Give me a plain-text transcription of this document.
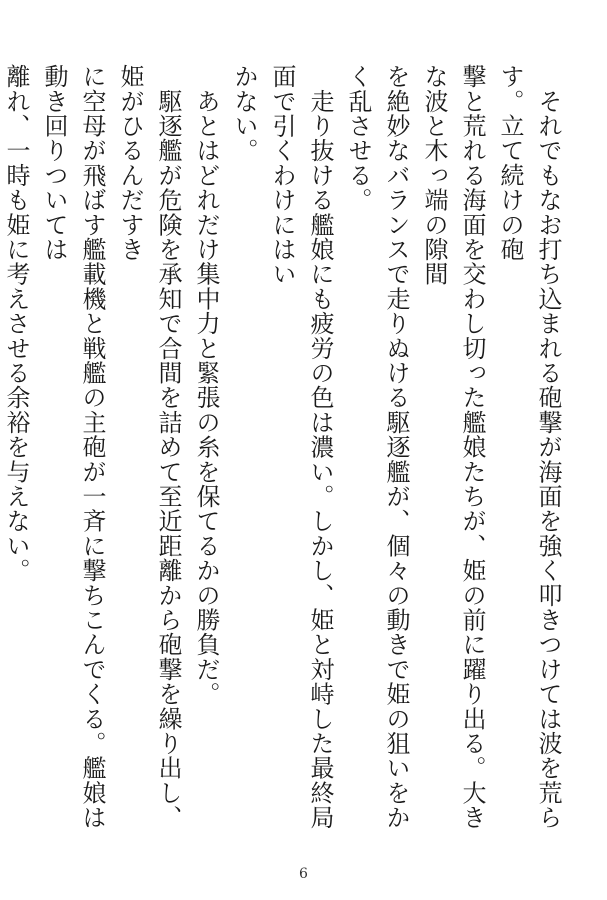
　それでもなお打ち込まれる砲撃が海面を強く叩きつけては波を荒らす。立て続けの砲
撃と荒れる海面を交わし切った艦娘たちが、姫の前に躍り出る。大きな波と木っ端の隙間
を絶妙なバランスで走りぬける駆逐艦が、個々の動きで姫の狙いをかく乱させる。
　走り抜ける艦娘にも疲労の色は濃い。しかし、姫と対峙した最終局面で引くわけにはい
かない。
　あとはどれだけ集中力と緊張の糸を保てるかの勝負だ。
　駆逐艦が危険を承知で合間を詰めて至近距離から砲撃を繰り出し、姫がひるんだすき
に空母が飛ばす艦載機と戦艦の主砲が一斉に撃ちこんでくる。艦娘は動き回りついては
離れ、一時も姫に考えさせる余裕を与えない。
6
